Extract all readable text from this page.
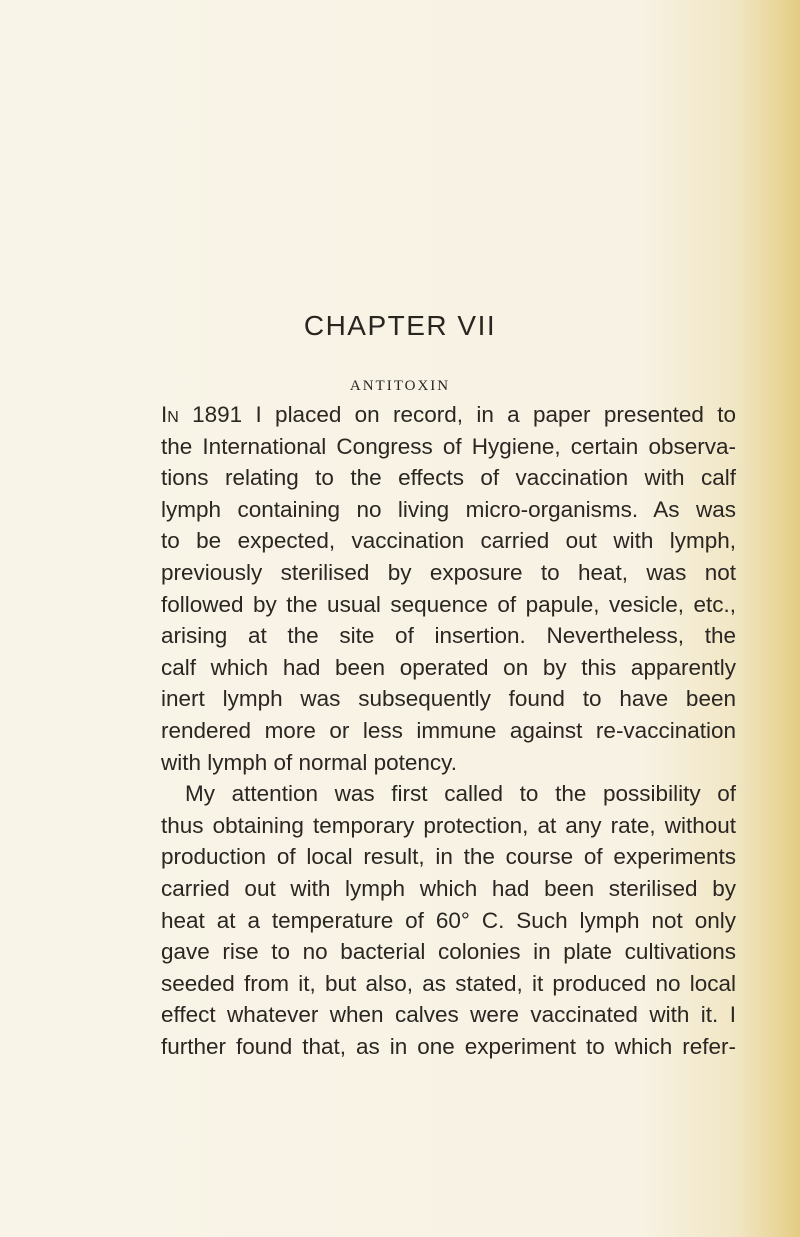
CHAPTER VII
ANTITOXIN
In 1891 I placed on record, in a paper presented to
the International Congress of Hygiene, certain observa-
tions relating to the effects of vaccination with calf
lymph containing no living micro-organisms. As was
to be expected, vaccination carried out with lymph,
previously sterilised by exposure to heat, was not
followed by the usual sequence of papule, vesicle, etc.,
arising at the site of insertion. Nevertheless, the
calf which had been operated on by this apparently
inert lymph was subsequently found to have been
rendered more or less immune against re-vaccination
with lymph of normal potency.
My attention was first called to the possibility of
thus obtaining temporary protection, at any rate, without
production of local result, in the course of experiments
carried out with lymph which had been sterilised by
heat at a temperature of 60° C. Such lymph not only
gave rise to no bacterial colonies in plate cultivations
seeded from it, but also, as stated, it produced no local
effect whatever when calves were vaccinated with it. I
further found that, as in one experiment to which refer-
